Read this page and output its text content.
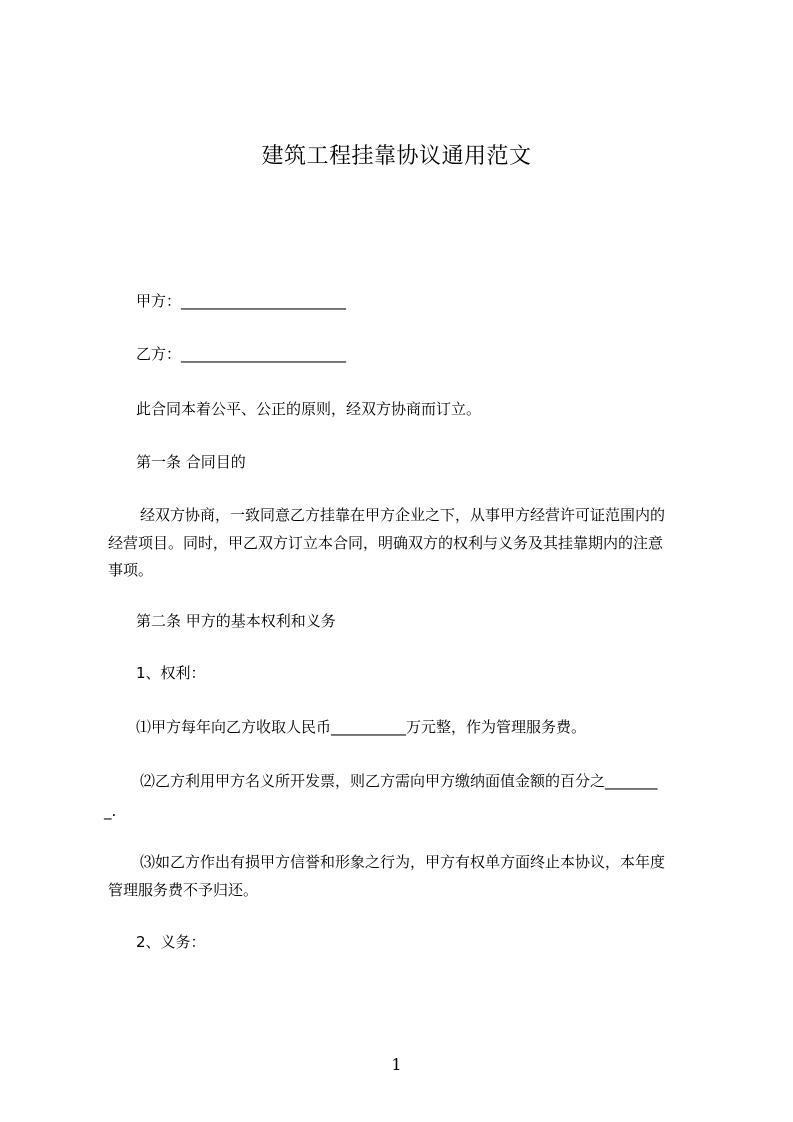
建筑工程挂靠协议通用范文
甲方：______________________
乙方：______________________
此合同本着公平、公正的原则，经双方协商而订立。
第一条 合同目的
经双方协商，一致同意乙方挂靠在甲方企业之下，从事甲方经营许可证范围内的
经营项目。同时，甲乙双方订立本合同，明确双方的权利与义务及其挂靠期内的注意
事项。
第二条 甲方的基本权利和义务
1、权利：
⑴甲方每年向乙方收取人民币__________万元整，作为管理服务费。
⑵乙方利用甲方名义所开发票，则乙方需向甲方缴纳面值金额的百分之_______
_.
⑶如乙方作出有损甲方信誉和形象之行为，甲方有权单方面终止本协议，本年度
管理服务费不予归还。
2、义务：
1
